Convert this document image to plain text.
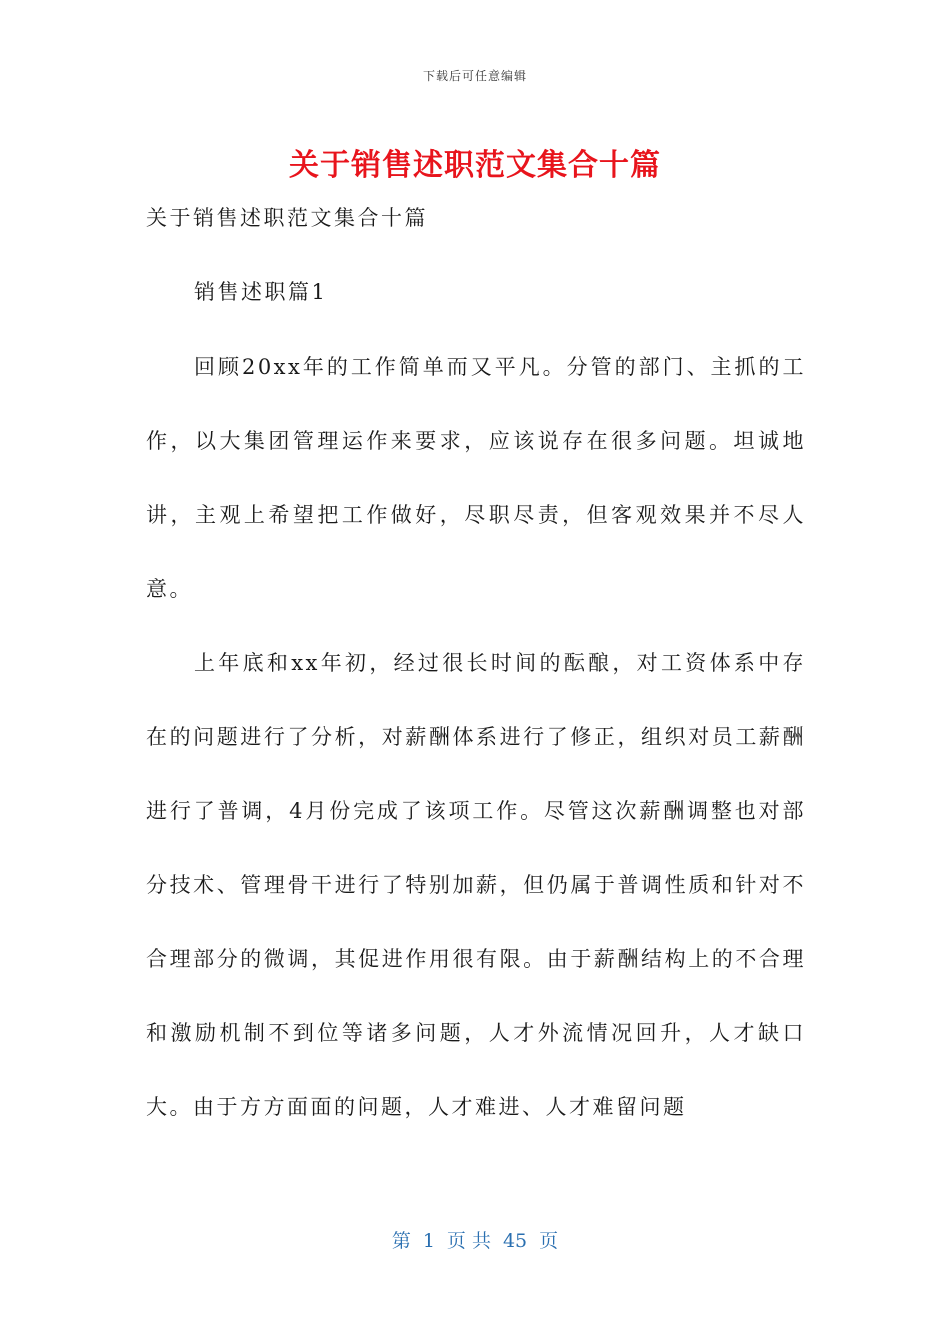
下载后可任意编辑
关于销售述职范文集合十篇

关于销售述职范文集合十篇

销售述职篇1

回顾20xx年的工作简单而又平凡。分管的部门、主抓的工作，以大集团管理运作来要求，应该说存在很多问题。坦诚地讲，主观上希望把工作做好，尽职尽责，但客观效果并不尽人意。

上年底和xx年初，经过很长时间的酝酿，对工资体系中存在的问题进行了分析，对薪酬体系进行了修正，组织对员工薪酬进行了普调，4月份完成了该项工作。尽管这次薪酬调整也对部分技术、管理骨干进行了特别加薪，但仍属于普调性质和针对不合理部分的微调，其促进作用很有限。由于薪酬结构上的不合理和激励机制不到位等诸多问题，人才外流情况回升，人才缺口大。由于方方面面的问题，人才难进、人才难留问题

第 1 页 共 45 页
